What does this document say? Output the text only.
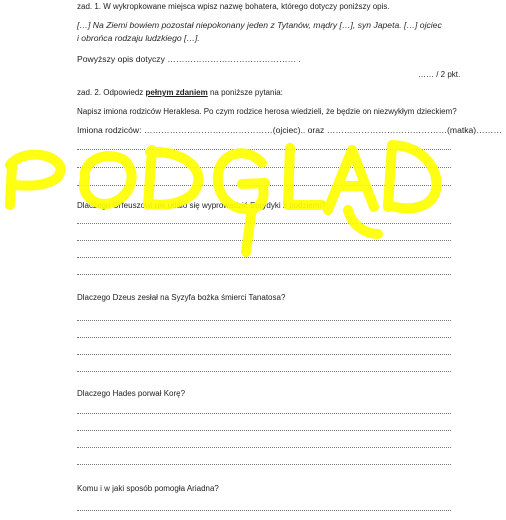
zad. 1. W wykropkowane miejsca wpisz nazwę bohatera, którego dotyczy poniższy opis.
[…] Na Ziemi bowiem pozostał niepokonany jeden z Tytanów, mądry […], syn Japeta. […] ojciec
i obrońca rodzaju ludzkiego […].
Powyższy opis dotyczy ……………………………………… .
…… / 2 pkt.
zad. 2. Odpowiedz pełnym zdaniem na poniższe pytania:
Napisz imiona rodziców Heraklesa. Po czym rodzice herosa wiedzieli, że będzie on niezwykłym dzieckiem?
Imiona rodziców: ………………………………………(ojciec).. oraz ……………………………………(matka)………
Dlaczego Orfeuszowi nie udało się wyprowadzić Eurydyki z podziemi?
Dlaczego Dzeus zesłał na Syzyfa bożka śmierci Tanatosa?
Dlaczego Hades porwał Korę?
Komu i w jaki sposób pomogła Ariadna?
